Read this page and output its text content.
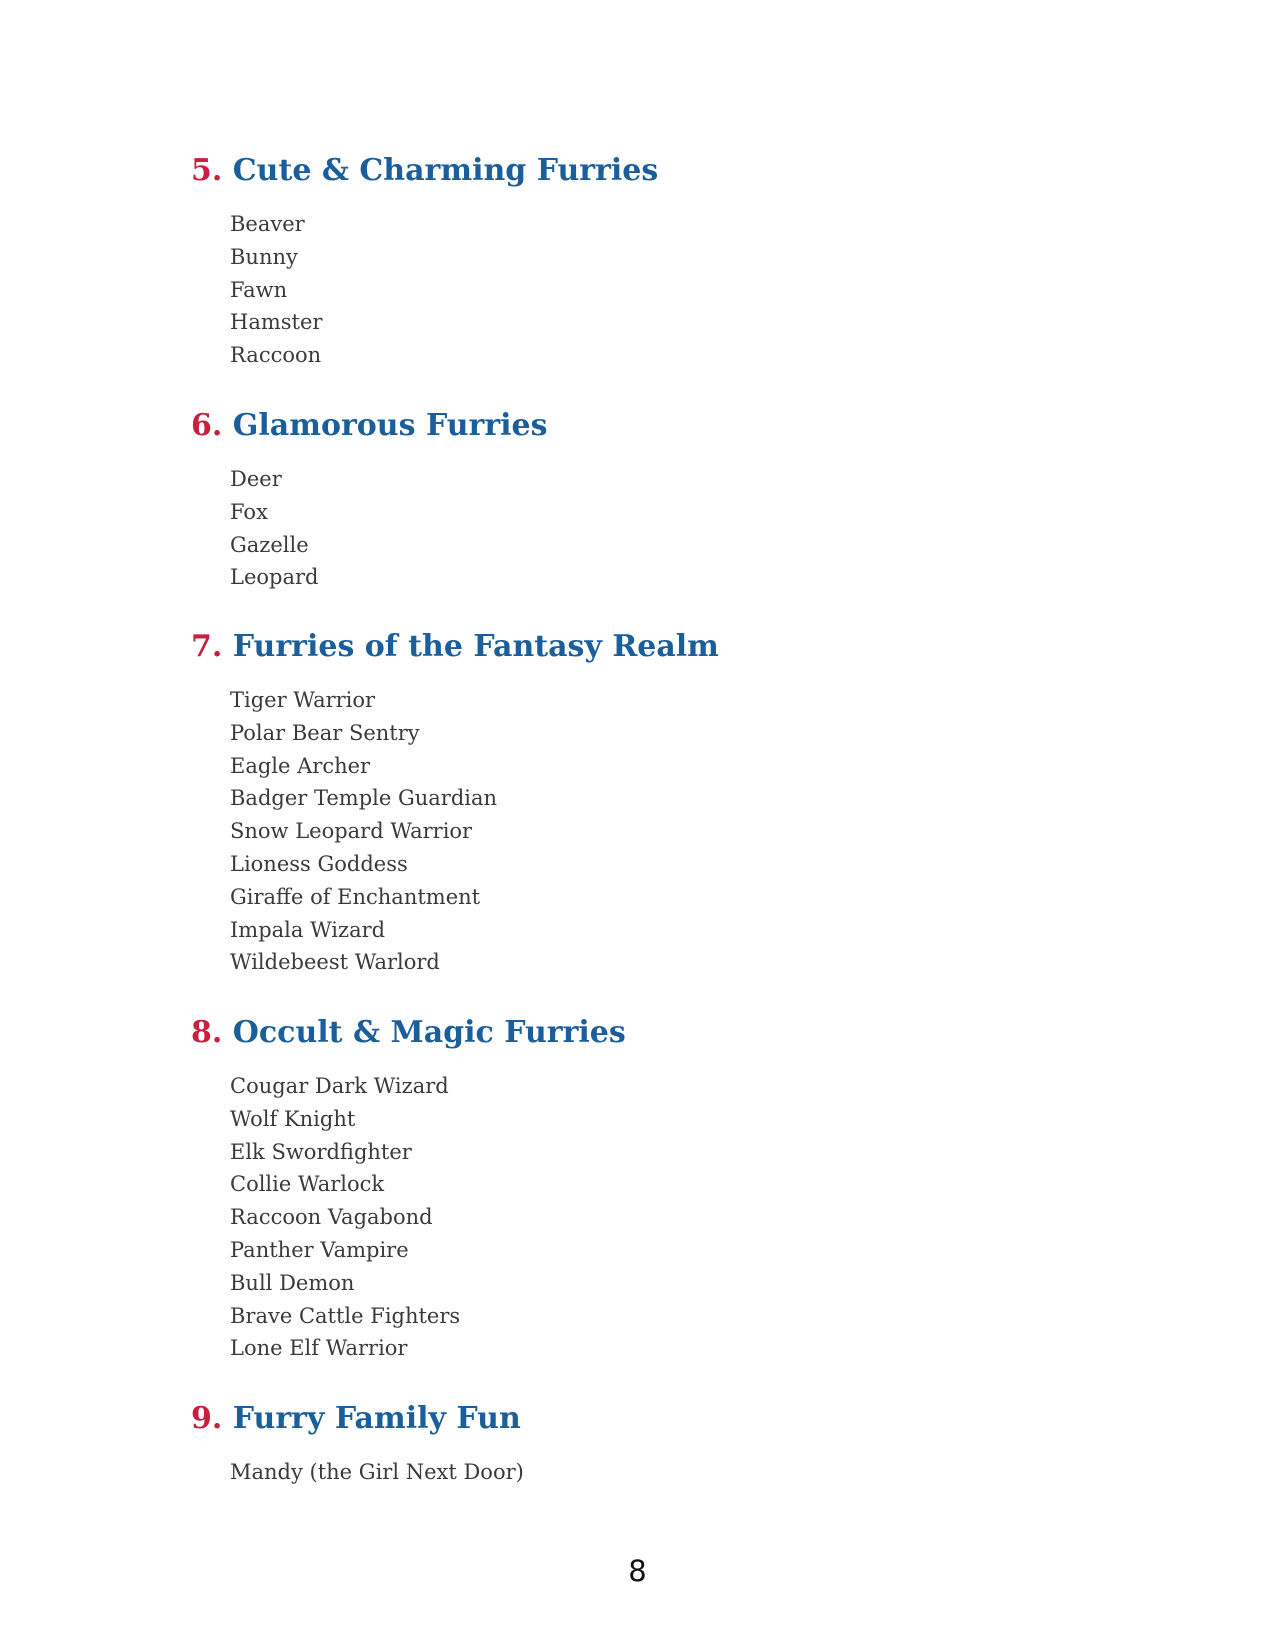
5. Cute & Charming Furries
Beaver
Bunny
Fawn
Hamster
Raccoon
6. Glamorous Furries
Deer
Fox
Gazelle
Leopard
7. Furries of the Fantasy Realm
Tiger Warrior
Polar Bear Sentry
Eagle Archer
Badger Temple Guardian
Snow Leopard Warrior
Lioness Goddess
Giraffe of Enchantment
Impala Wizard
Wildebeest Warlord
8. Occult & Magic Furries
Cougar Dark Wizard
Wolf Knight
Elk Swordfighter
Collie Warlock
Raccoon Vagabond
Panther Vampire
Bull Demon
Brave Cattle Fighters
Lone Elf Warrior
9. Furry Family Fun
Mandy (the Girl Next Door)
8
